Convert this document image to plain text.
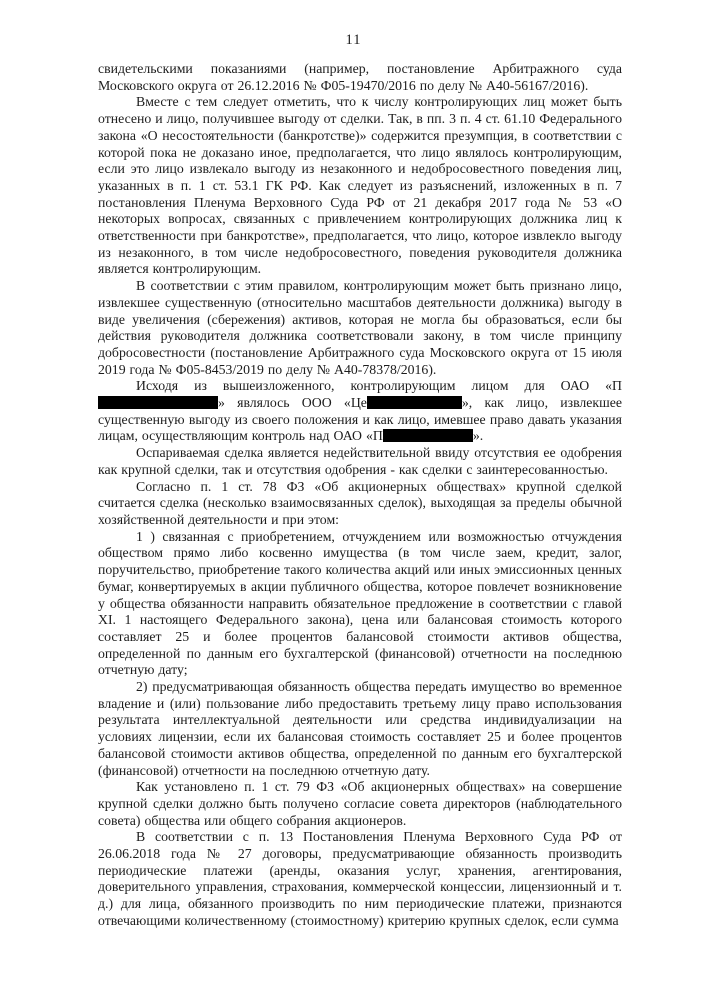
11

свидетельскими показаниями (например, постановление Арбитражного суда Московского округа от 26.12.2016 № Ф05-19470/2016 по делу № А40-56167/2016).

Вместе с тем следует отметить, что к числу контролирующих лиц может быть отнесено и лицо, получившее выгоду от сделки. Так, в пп. 3 п. 4 ст. 61.10 Федерального закона «О несостоятельности (банкротстве)» содержится презумпция, в соответствии с которой пока не доказано иное, предполагается, что лицо являлось контролирующим, если это лицо извлекало выгоду из незаконного и недобросовестного поведения лиц, указанных в п. 1 ст. 53.1 ГК РФ. Как следует из разъяснений, изложенных в п. 7 постановления Пленума Верховного Суда РФ от 21 декабря 2017 года № 53 «О некоторых вопросах, связанных с привлечением контролирующих должника лиц к ответственности при банкротстве», предполагается, что лицо, которое извлекло выгоду из незаконного, в том числе недобросовестного, поведения руководителя должника является контролирующим.

В соответствии с этим правилом, контролирующим может быть признано лицо, извлекшее существенную (относительно масштабов деятельности должника) выгоду в виде увеличения (сбережения) активов, которая не могла бы образоваться, если бы действия руководителя должника соответствовали закону, в том числе принципу добросовестности (постановление Арбитражного суда Московского округа от 15 июля 2019 года № Ф05-8453/2019 по делу № А40-78378/2016).

Исходя из вышеизложенного, контролирующим лицом для ОАО «П» являлось ООО «Це	», как лицо, извлекшее существенную выгоду из своего положения и как лицо, имевшее право давать указания лицам, осуществляющим контроль над ОАО «П	».

Оспариваемая сделка является недействительной ввиду отсутствия ее одобрения как крупной сделки, так и отсутствия одобрения - как сделки с заинтересованностью.

Согласно п. 1 ст. 78 ФЗ «Об акционерных обществах» крупной сделкой считается сделка (несколько взаимосвязанных сделок), выходящая за пределы обычной хозяйственной деятельности и при этом:

1 ) связанная с приобретением, отчуждением или возможностью отчуждения обществом прямо либо косвенно имущества (в том числе заем, кредит, залог, поручительство, приобретение такого количества акций или иных эмиссионных ценных бумаг, конвертируемых в акции публичного общества, которое повлечет возникновение у общества обязанности направить обязательное предложение в соответствии с главой XI. 1 настоящего Федерального закона), цена или балансовая стоимость которого составляет 25 и более процентов балансовой стоимости активов общества, определенной по данным его бухгалтерской (финансовой) отчетности на последнюю отчетную дату;

2) предусматривающая обязанность общества передать имущество во временное владение и (или) пользование либо предоставить третьему лицу право использования результата интеллектуальной деятельности или средства индивидуализации на условиях лицензии, если их балансовая стоимость составляет 25 и более процентов балансовой стоимости активов общества, определенной по данным его бухгалтерской (финансовой) отчетности на последнюю отчетную дату.

Как установлено п. 1 ст. 79 ФЗ «Об акционерных обществах» на совершение крупной сделки должно быть получено согласие совета директоров (наблюдательного совета) общества или общего собрания акционеров.

В соответствии с п. 13 Постановления Пленума Верховного Суда РФ от 26.06.2018 года № 27 договоры, предусматривающие обязанность производить периодические платежи (аренды, оказания услуг, хранения, агентирования, доверительного управления, страхования, коммерческой концессии, лицензионный и т. д.) для лица, обязанного производить по ним периодические платежи, признаются отвечающими количественному (стоимостному) критерию крупных сделок, если сумма
